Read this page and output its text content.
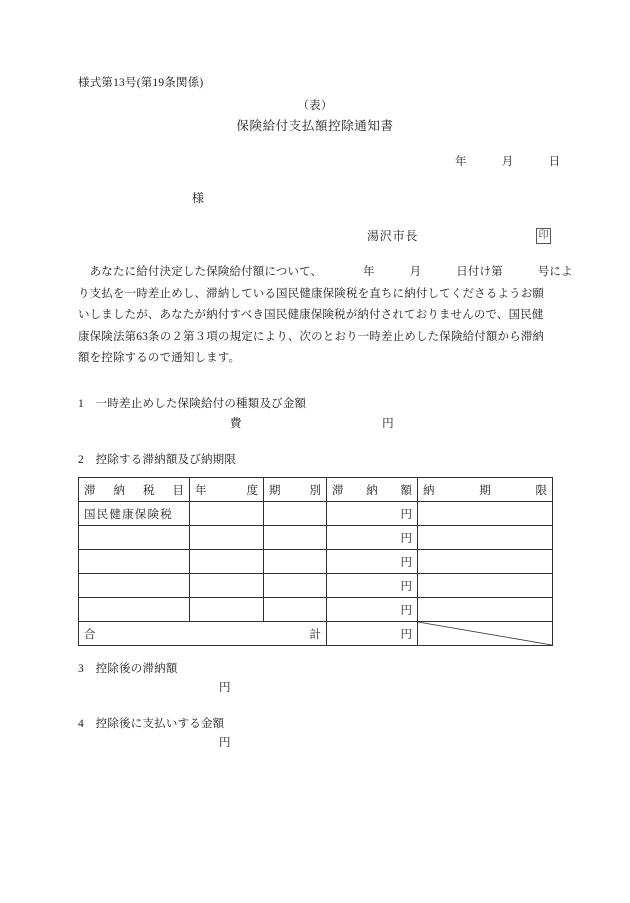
様式第13号(第19条関係)
（表）
保険給付支払額控除通知書
年　　　月　　　日
様
湯沢市長	印
　あなたに給付決定した保険給付額について、　　　　年　　　月　　　日付け第　　　号によ
り支払を一時差止めし、滞納している国民健康保険税を直ちに納付してくださるようお願
いしましたが、あなたが納付すべき国民健康保険税が納付されておりませんので、国民健
康保険法第63条の２第３項の規定により、次のとおり一時差止めした保険給付額から滞納
額を控除するので通知します。
1　 一時差止めした保険給付の種類及び金額
費　　　　　　　　　　　　円
2　 控除する滞納額及び納期限
滞 納 税 目	年 度	期 別	滞 納 額	納 期 限

国民健康保険税			円	
			円	
			円	
			円	
			円	

合 計			円	
3　 控除後の滞納額
円
4　 控除後に支払いする金額
円
